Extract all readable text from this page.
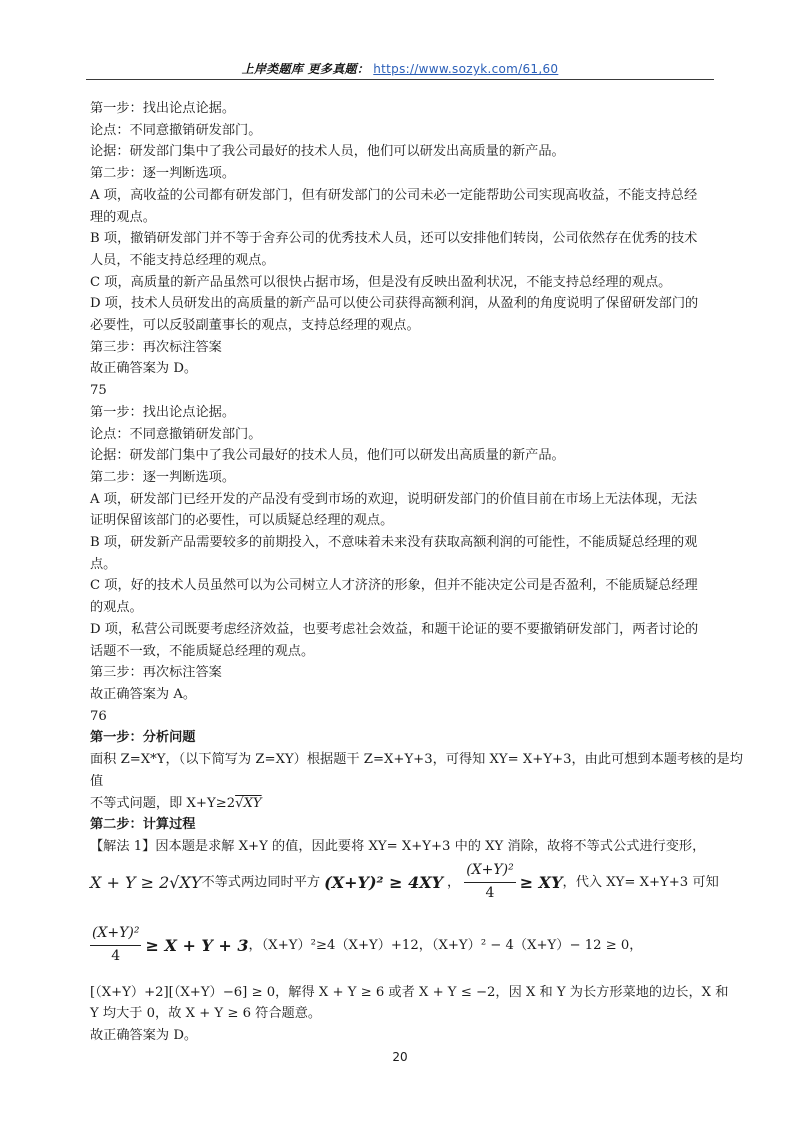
上岸类题库 更多真题： https://www.sozyk.com/61,60

第一步：找出论点论据。

论点：不同意撤销研发部门。

论据：研发部门集中了我公司最好的技术人员，他们可以研发出高质量的新产品。

第二步：逐一判断选项。

A 项，高收益的公司都有研发部门，但有研发部门的公司未必一定能帮助公司实现高收益，不能支持总经

理的观点。

B 项，撤销研发部门并不等于舍弃公司的优秀技术人员，还可以安排他们转岗，公司依然存在优秀的技术

人员，不能支持总经理的观点。

C 项，高质量的新产品虽然可以很快占据市场，但是没有反映出盈利状况，不能支持总经理的观点。

D 项，技术人员研发出的高质量的新产品可以使公司获得高额利润，从盈利的角度说明了保留研发部门的

必要性，可以反驳副董事长的观点，支持总经理的观点。

第三步：再次标注答案

故正确答案为 D。

75

第一步：找出论点论据。

论点：不同意撤销研发部门。

论据：研发部门集中了我公司最好的技术人员，他们可以研发出高质量的新产品。

第二步：逐一判断选项。

A 项，研发部门已经开发的产品没有受到市场的欢迎，说明研发部门的价值目前在市场上无法体现，无法

证明保留该部门的必要性，可以质疑总经理的观点。

B 项，研发新产品需要较多的前期投入，不意味着未来没有获取高额利润的可能性，不能质疑总经理的观

点。

C 项，好的技术人员虽然可以为公司树立人才济济的形象，但并不能决定公司是否盈利，不能质疑总经理

的观点。

D 项，私营公司既要考虑经济效益，也要考虑社会效益，和题干论证的要不要撤销研发部门，两者讨论的

话题不一致，不能质疑总经理的观点。

第三步：再次标注答案

故正确答案为 A。

76

第一步：分析问题

面积 Z=X*Y，（以下简写为 Z=XY）根据题干 Z=X+Y+3，可得知 XY= X+Y+3，由此可想到本题考核的是均值

不等式问题，即 X+Y≥2√XY

第二步：计算过程

【解法 1】因本题是求解 X+Y 的值，因此要将 XY= X+Y+3 中的 XY 消除，故将不等式公式进行变形，

X + Y ≥ 2√XY 不等式两边同时平方 (X+Y)² ≥ 4XY ， $\frac{\text{(X+Y)²}}{4}$ ≥ XY ，代入 XY= X+Y+3 可知
$\frac{\text{(X+Y)²}}{4} \ge X + Y + 3$ ，（X+Y）²≥4（X+Y）+12，（X+Y）² − 4（X+Y）− 12 ≥ 0，

[（X+Y）+2][（X+Y）−6] ≥ 0，解得 X + Y ≥ 6 或者 X + Y ≤ −2，因 X 和 Y 为长方形菜地的边长，X 和

Y 均大于 0，故 X + Y ≥ 6 符合题意。

故正确答案为 D。

20
